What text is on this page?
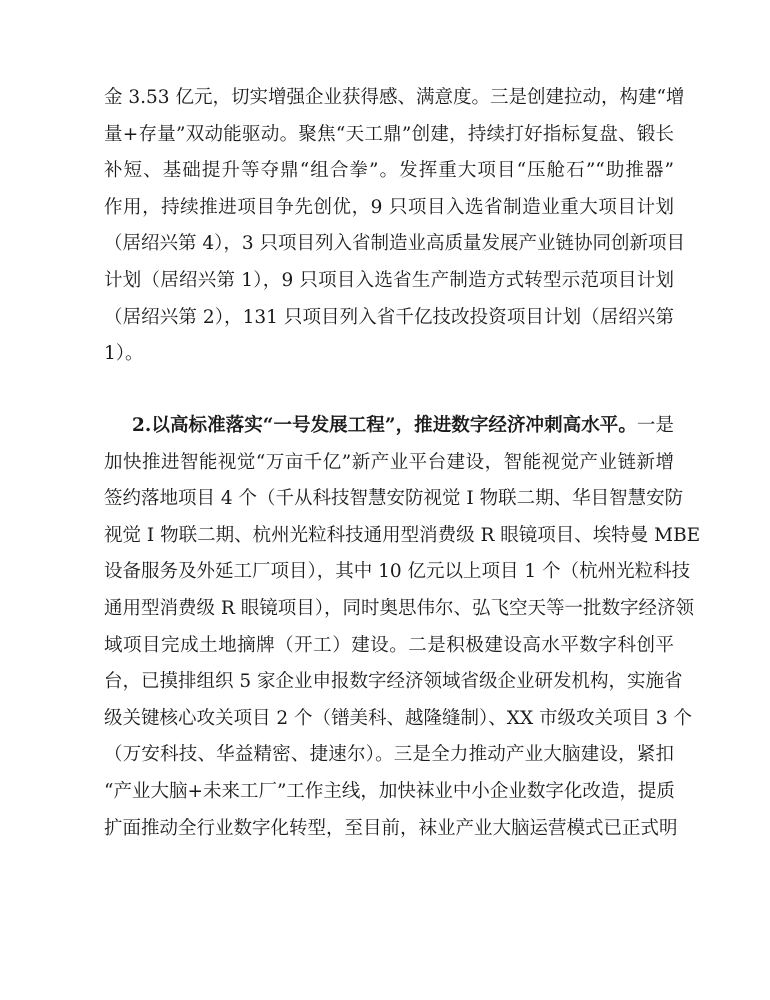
金 3.53 亿元，切实增强企业获得感、满意度。三是创建拉动，构建“增
量+存量”双动能驱动。聚焦“天工鼎”创建，持续打好指标复盘、锻长
补短、基础提升等夺鼎“组合拳”。发挥重大项目“压舱石”“助推器”
作用，持续推进项目争先创优，9 只项目入选省制造业重大项目计划
（居绍兴第 4），3 只项目列入省制造业高质量发展产业链协同创新项目
计划（居绍兴第 1），9 只项目入选省生产制造方式转型示范项目计划
（居绍兴第 2），131 只项目列入省千亿技改投资项目计划（居绍兴第
1）。
2.以高标准落实“一号发展工程”，推进数字经济冲刺高水平。一是
加快推进智能视觉“万亩千亿”新产业平台建设，智能视觉产业链新增
签约落地项目 4 个（千从科技智慧安防视觉 I 物联二期、华目智慧安防
视觉 I 物联二期、杭州光粒科技通用型消费级 R 眼镜项目、埃特曼 MBE
设备服务及外延工厂项目），其中 10 亿元以上项目 1 个（杭州光粒科技
通用型消费级 R 眼镜项目），同时奥思伟尔、弘飞空天等一批数字经济领
域项目完成土地摘牌（开工）建设。二是积极建设高水平数字科创平
台，已摸排组织 5 家企业申报数字经济领域省级企业研发机构，实施省
级关键核心攻关项目 2 个（镨美科、越隆缝制）、XX 市级攻关项目 3 个
（万安科技、华益精密、捷速尔）。三是全力推动产业大脑建设，紧扣
“产业大脑+未来工厂”工作主线，加快袜业中小企业数字化改造，提质
扩面推动全行业数字化转型，至目前，袜业产业大脑运营模式已正式明
